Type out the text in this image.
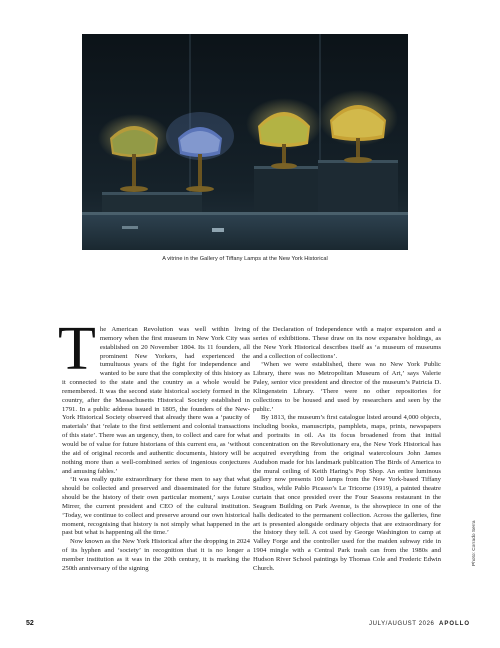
A vitrine in the Gallery of Tiffany Lamps at the New York Historical

The American Revolution was well within living memory when the first museum in New York City was established on 20 November 1804. Its 11 founders, all prominent New Yorkers, had experienced the tumultuous years of the fight for independence and wanted to be sure that the complexity of this history as it connected to the state and the country as a whole would be remembered. It was the second state historical society formed in the country, after the Massachusetts Historical Society established in 1791. In a public address issued in 1805, the founders of the New-York Historical Society observed that already there was a ‘paucity of materials’ that ‘relate to the first settlement and colonial transactions of this state’. There was an urgency, then, to collect and care for what would be of value for future historians of this current era, as ‘without the aid of original records and authentic documents, history will be nothing more than a well-combined series of ingenious conjectures and amusing fables.’

‘It was really quite extraordinary for these men to say that what should be collected and preserved and disseminated for the future should be the history of their own particular moment,’ says Louise Mirrer, the current president and CEO of the cultural institution. ‘Today, we continue to collect and preserve around our own historical moment, recognising that history is not simply what happened in the past but what is happening all the time.’

Now known as the New York Historical after the dropping in 2024 of its hyphen and ‘society’ in recognition that it is no longer a member institution as it was in the 20th century, it is marking the 250th anniversary of the signing

of the Declaration of Independence with a major expansion and a series of exhibitions. These draw on its now expansive holdings, as the New York Historical describes itself as ‘a museum of museums and a collection of collections’.

‘When we were established, there was no New York Public Library, there was no Metropolitan Museum of Art,’ says Valerie Paley, senior vice president and director of the museum’s Patricia D. Klingenstein Library. ‘There were no other repositories for collections to be housed and used by researchers and seen by the public.’

By 1813, the museum’s first catalogue listed around 4,000 objects, including books, manuscripts, pamphlets, maps, prints, newspapers and portraits in oil. As its focus broadened from that initial concentration on the Revolutionary era, the New York Historical has acquired everything from the original watercolours John James Audubon made for his landmark publication The Birds of America to the mural ceiling of Keith Haring’s Pop Shop. An entire luminous gallery now presents 100 lamps from the New York-based Tiffany Studios, while Pablo Picasso’s Le Tricorne (1919), a painted theatre curtain that once presided over the Four Seasons restaurant in the Seagram Building on Park Avenue, is the showpiece in one of the halls dedicated to the permanent collection. Across the galleries, fine art is presented alongside ordinary objects that are extraordinary for the history they tell. A cot used by George Washington to camp at Valley Forge and the controller used for the maiden subway ride in 1904 mingle with a Central Park trash can from the 1980s and Hudson River School paintings by Thomas Cole and Frederic Edwin Church.

Photo: Corrado Serra
52	JULY/AUGUST 2026 APOLLO
